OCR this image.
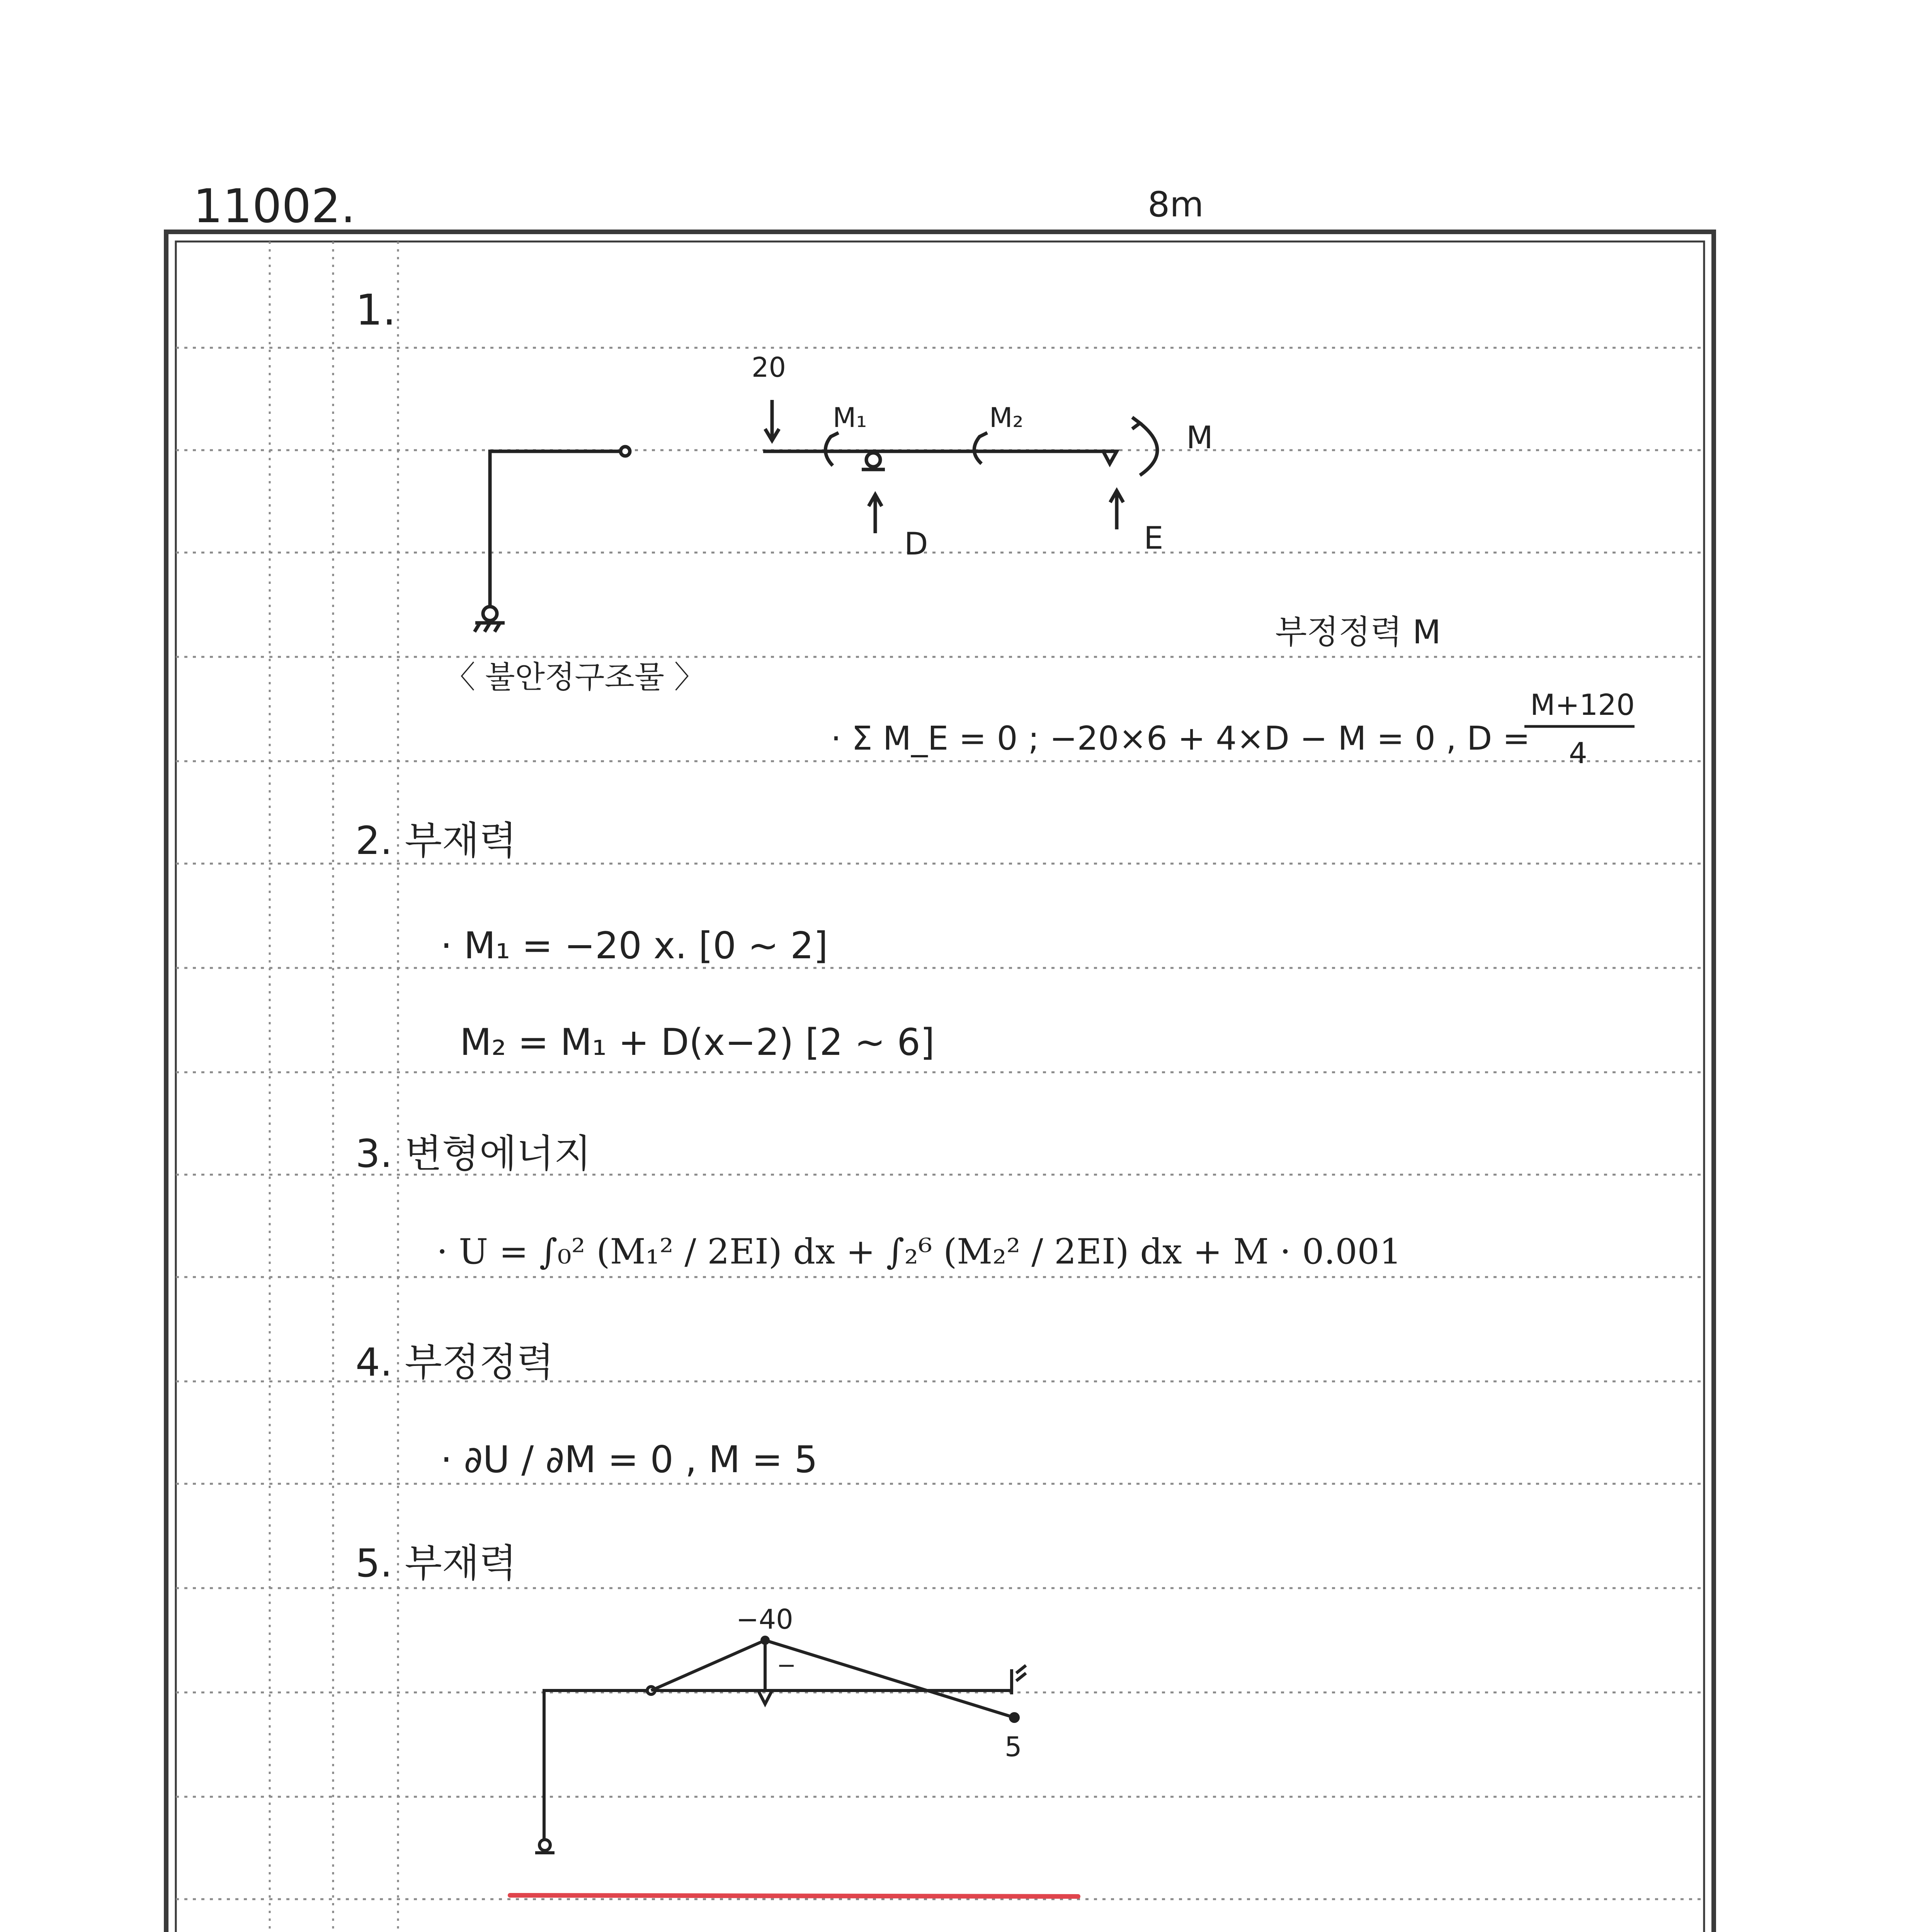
11002.	8m
1.
20
M₁	M₂
M
D	E
〈 불안정구조물 〉
부정정력 M
· Σ M_E = 0 ; −20×6 + 4×D − M = 0 , D =
M+120
4
2. 부재력
· M₁ = −20 x. [0 ~ 2]
M₂ = M₁ + D(x−2) [2 ~ 6]
3. 변형에너지
· U = ∫₀² (M₁² / 2EI) dx + ∫₂⁶ (M₂² / 2EI) dx + M · 0.001
4. 부정정력
· ∂U / ∂M = 0 , M = 5
5. 부재력
−40
−
5
